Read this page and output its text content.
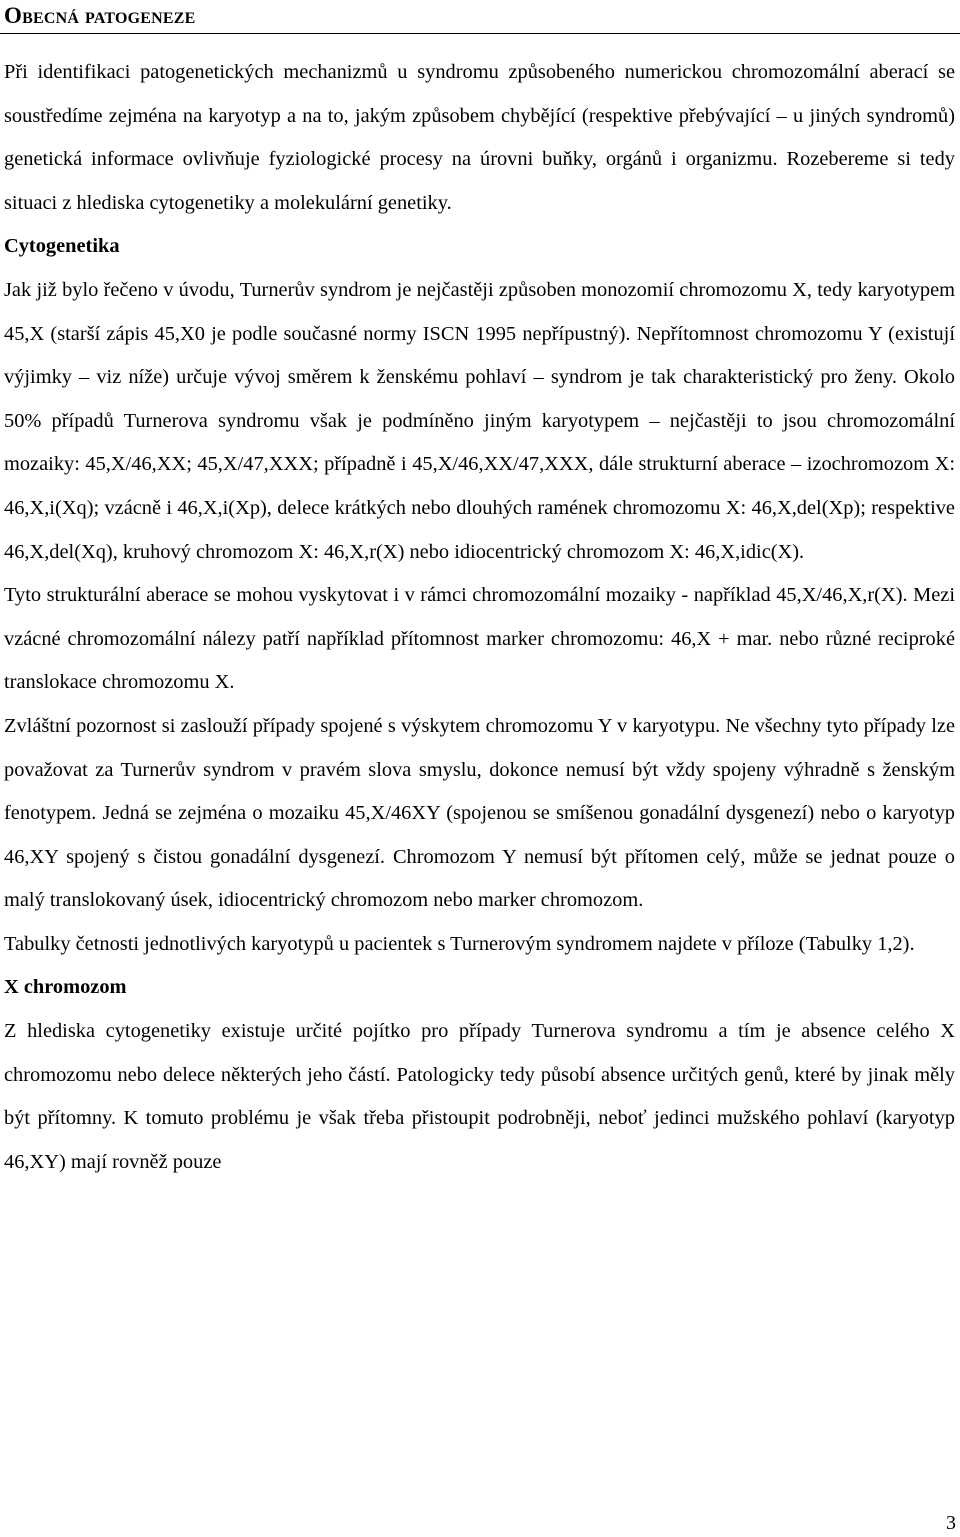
Obecná patogeneze

Při identifikaci patogenetických mechanizmů u syndromu způsobeného numerickou chromozomální aberací se soustředíme zejména na karyotyp a na to, jakým způsobem chybějící (respektive přebývající – u jiných syndromů) genetická informace ovlivňuje fyziologické procesy na úrovni buňky, orgánů i organizmu. Rozebereme si tedy situaci z hlediska cytogenetiky a molekulární genetiky.

Cytogenetika

Jak již bylo řečeno v úvodu, Turnerův syndrom je nejčastěji způsoben monozomií chromozomu X, tedy karyotypem 45,X (starší zápis 45,X0 je podle současné normy ISCN 1995 nepřípustný). Nepřítomnost chromozomu Y (existují výjimky – viz níže) určuje vývoj směrem k ženskému pohlaví – syndrom je tak charakteristický pro ženy. Okolo 50% případů Turnerova syndromu však je podmíněno jiným karyotypem – nejčastěji to jsou chromozomální mozaiky: 45,X/46,XX; 45,X/47,XXX; případně i 45,X/46,XX/47,XXX, dále strukturní aberace – izochromozom X: 46,X,i(Xq); vzácně i 46,X,i(Xp), delece krátkých nebo dlouhých ramének chromozomu X: 46,X,del(Xp); respektive 46,X,del(Xq), kruhový chromozom X: 46,X,r(X) nebo idiocentrický chromozom X: 46,X,idic(X).

Tyto strukturální aberace se mohou vyskytovat i v rámci chromozomální mozaiky - například 45,X/46,X,r(X). Mezi vzácné chromozomální nálezy patří například přítomnost marker chromozomu: 46,X + mar. nebo různé reciproké translokace chromozomu X.

Zvláštní pozornost si zaslouží případy spojené s výskytem chromozomu Y v karyotypu. Ne všechny tyto případy lze považovat za Turnerův syndrom v pravém slova smyslu, dokonce nemusí být vždy spojeny výhradně s ženským fenotypem. Jedná se zejména o mozaiku 45,X/46XY (spojenou se smíšenou gonadální dysgenezí) nebo o karyotyp 46,XY spojený s čistou gonadální dysgenezí. Chromozom Y nemusí být přítomen celý, může se jednat pouze o malý translokovaný úsek, idiocentrický chromozom nebo marker chromozom.

Tabulky četnosti jednotlivých karyotypů u pacientek s Turnerovým syndromem najdete v příloze (Tabulky 1,2).

X chromozom

Z hlediska cytogenetiky existuje určité pojítko pro případy Turnerova syndromu a tím je absence celého X chromozomu nebo delece některých jeho částí. Patologicky tedy působí absence určitých genů, které by jinak měly být přítomny. K tomuto problému je však třeba přistoupit podrobněji, neboť jedinci mužského pohlaví (karyotyp 46,XY) mají rovněž pouze

3
